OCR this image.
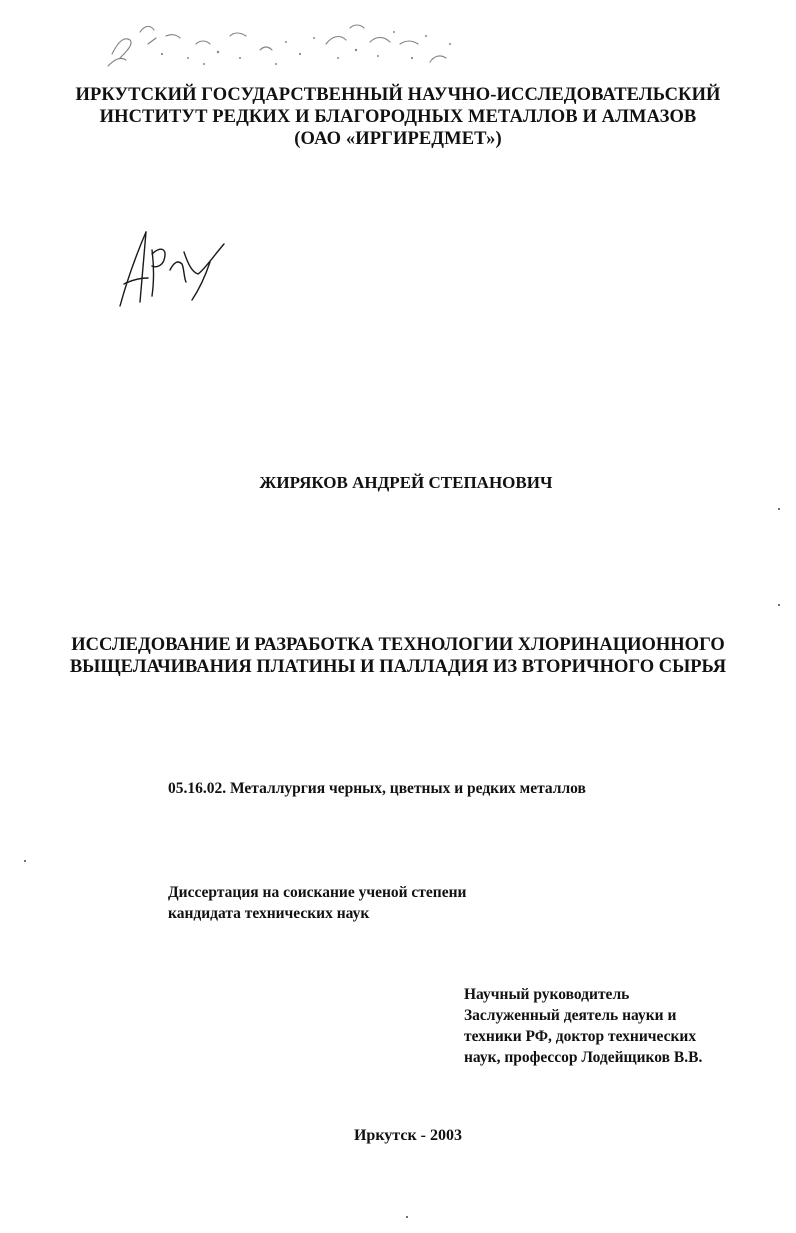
ИРКУТСКИЙ ГОСУДАРСТВЕННЫЙ НАУЧНО-ИССЛЕДОВАТЕЛЬСКИЙ
ИНСТИТУТ РЕДКИХ И БЛАГОРОДНЫХ МЕТАЛЛОВ И АЛМАЗОВ
(ОАО «ИРГИРЕДМЕТ»)
ЖИРЯКОВ АНДРЕЙ СТЕПАНОВИЧ
ИССЛЕДОВАНИЕ И РАЗРАБОТКА ТЕХНОЛОГИИ ХЛОРИНАЦИОННОГО
ВЫЩЕЛАЧИВАНИЯ ПЛАТИНЫ И ПАЛЛАДИЯ ИЗ ВТОРИЧНОГО СЫРЬЯ
05.16.02. Металлургия черных, цветных и редких металлов
Диссертация на соискание ученой степени
кандидата технических наук
Научный руководитель
Заслуженный деятель науки и
техники РФ, доктор технических
наук, профессор Лодейщиков В.В.
Иркутск - 2003
